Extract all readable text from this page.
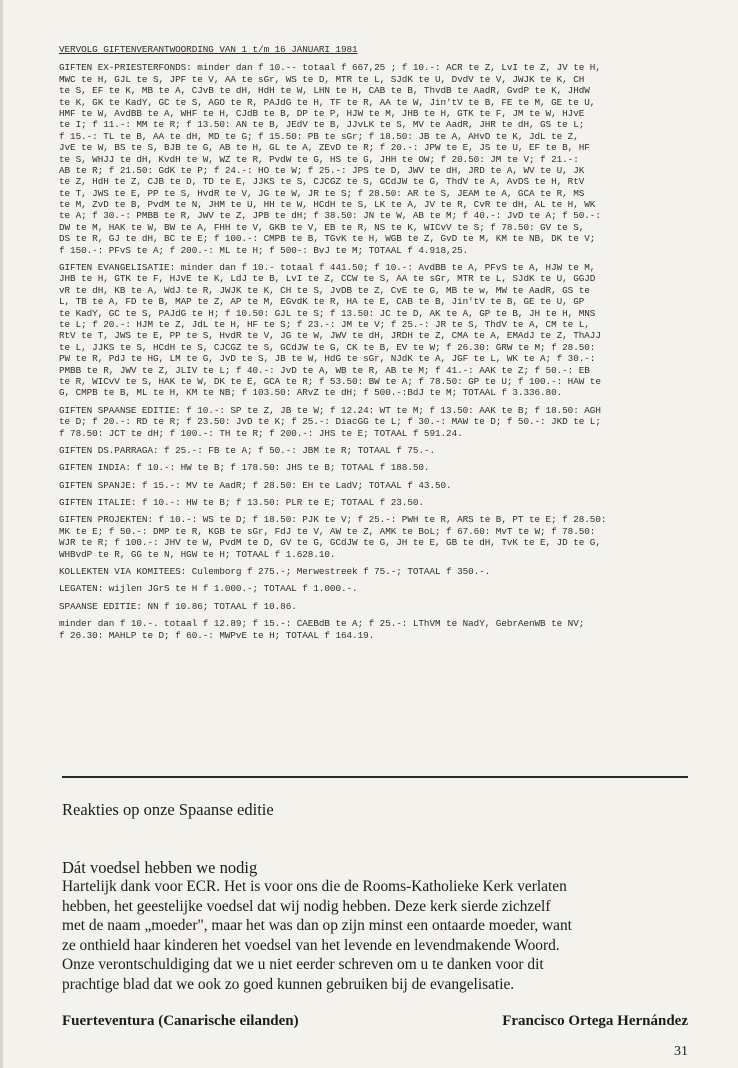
VERVOLG GIFTENVERANTWOORDING VAN 1 t/m 16 JANUARI 1981
GIFTEN EX-PRIESTERFONDS: minder dan f 10.-- totaal f 667,25 ; f 10.-: ACR te Z, LvI te Z, JV te H,
MWC te H, GJL te S, JPF te V, AA te sGr, WS te D, MTR te L, SJdK te U, DvdV te V, JWJK te K, CH
te S, EF te K, MB te A, CJvB te dH, HdH te W, LHN te H, CAB te B, ThvdB te AadR, GvdP te K, JHdW
te K, GK te KadY, GC te S, AGO te R, PAJdG te H, TF te R, AA te W, Jin'tV te B, FE te M, GE te U,
HMF te W, AvdBB te A, WHF te H, CJdB te B, DP te P, HJW te M, JHB te H, GTK te F, JM te W, HJvE
te I; f 11.-: MM te R; f 13.50: AN te B, JEdV te B, JJvLK te S, MV te AadR, JHR te dH, GS te L;
f 15.-: TL te B, AA te dH, MD te G; f 15.50: PB te sGr; f 18.50: JB te A, AHvD te K, JdL te Z,
JvE te W, BS te S, BJB te G, AB te H, GL te A, ZEvD te R; f 20.-: JPW te E, JS te U, EF te B, HF
te S, WHJJ te dH, KvdH te W, WZ te R, PvdW te G, HS te G, JHH te OW; f 20.50: JM te V; f 21.-:
AB te R; f 21.50: GdK te P; f 24.-: HO te W; f 25.-: JPS te D, JWV te dH, JRD te A, WV te U, JK
te Z, HdH te Z, CJB te D, TD te E, JJKS te S, CJCGZ te S, GCdJW te G, ThdV te A, AvDS te H, RtV
te T, JWS te E, PP te S, HvdR te V, JG te W, JR te S; f 28.50: AR te S, JEAM te A, GCA te R, MS
te M, ZvD te B, PvdM te N, JHM te U, HH te W, HCdH te S, LK te A, JV te R, CvR te dH, AL te H, WK
te A; f 30.-: PMBB te R, JWV te Z, JPB te dH; f 38.50: JN te W, AB te M; f 40.-: JvD te A; f 50.-:
DW te M, HAK te W, BW te A, FHH te V, GKB te V, EB te R, NS te K, WICvV te S; f 78.50: GV te S,
DS te R, GJ te dH, BC te E; f 100.-: CMPB te B, TGvK te H, WGB te Z, GvD te M, KM te NB, DK te V;
f 150.-: PFvS te A; f 200.-: ML te H; f 500-: BvJ te M; TOTAAL f 4.918,25.
GIFTEN EVANGELISATIE: minder dan f 10.- totaal f 441.50; f 10.-: AvdBB te A, PFvS te A, HJW te M,
JHB te H, GTK te F, HJvE te K, LdJ te B, LvI te Z, CCW te S, AA te sGr, MTR te L, SJdK te U, GGJD
vR te dH, KB te A, WdJ te R, JWJK te K, CH te S, JvDB te Z, CvE te G, MB te w, MW te AadR, GS te
L, TB te A, FD te B, MAP te Z, AP te M, EGvdK te R, HA te E, CAB te B, Jin'tV te B, GE te U, GP
te KadY, GC te S, PAJdG te H; f 10.50: GJL te S; f 13.50: JC te D, AK te A, GP te B, JH te H, MNS
te L; f 20.-: HJM te Z, JdL te H, HF te S; f 23.-: JM te V; f 25.-: JR te S, ThdV te A, CM te L,
RtV te T, JWS te E, PP te S, HvdR te V, JG te W, JWV te dH, JRDH te Z, CMA te A, EMAdJ te Z, ThAJJ
te L, JJKS te S, HCdH te S, CJCGZ te S, GCdJW te G, CK te B, EV te W; f 26.30: GRW te M; f 28.50:
PW te R, PdJ te HG, LM te G, JvD te S, JB te W, HdG te sGr, NJdK te A, JGF te L, WK te A; f 30.-:
PMBB te R, JWV te Z, JLIV te L; f 40.-: JvD te A, WB te R, AB te M; f 41.-: AAK te Z; f 50.-: EB
te R, WICvV te S, HAK te W, DK te E, GCA te R; f 53.50: BW te A; f 78.50: GP te U; f 100.-: HAW te
G, CMPB te B, ML te H, KM te NB; f 103.50: ARvZ te dH; f 500.-:BdJ te M; TOTAAL f 3.336.80.
GIFTEN SPAANSE EDITIE: f 10.-: SP te Z, JB te W; f 12.24: WT te M; f 13.50: AAK te B; f 18.50: AGH
te D; f 20.-: RD te R; f 23.50: JvD te K; f 25.-: DiacGG te L; f 30.-: MAW te D; f 50.-: JKD te L;
f 78.50: JCT te dH; f 100.-: TH te R; f 200.-: JHS te E; TOTAAL f 591.24.
GIFTEN DS.PARRAGA: f 25.-: FB te A; f 50.-: JBM te R; TOTAAL f 75.-.
GIFTEN INDIA: f 10.-: HW te B; f 178.50: JHS te B; TOTAAL f 188.50.
GIFTEN SPANJE: f 15.-: MV te AadR; f 28.50: EH te LadV; TOTAAL f 43.50.
GIFTEN ITALIE: f 10.-: HW te B; f 13.50: PLR te E; TOTAAL f 23.50.
GIFTEN PROJEKTEN: f 10.-: WS te D; f 18.50: PJK te V; f 25.-: PWH te R, ARS te B, PT te E; f 28.50:
MK te E; f 50.-: DMP te R, KGB te sGr, FdJ te V, AW te Z, AMK te BoL; f 67.60: MvT te W; f 78.50:
WJR te R; f 100.-: JHV te W, PvdM te D, GV te G, GCdJW te G, JH te E, GB te dH, TvK te E, JD te G,
WHBvdP te R, GG te N, HGW te H; TOTAAL f 1.628.10.
KOLLEKTEN VIA KOMITEES: Culemborg f 275.-; Merwestreek f 75.-; TOTAAL f 350.-.
LEGATEN: wijlen JGrS te H f 1.000.-; TOTAAL f 1.000.-.
SPAANSE EDITIE: NN f 10.86; TOTAAL f 10.86.
minder dan f 10.-. totaal f 12.89; f 15.-: CAEBdB te A; f 25.-: LThVM te NadY, GebrAenWB te NV;
f 26.30: MAHLP te D; f 60.-: MWPvE te H; TOTAAL f 164.19.
Reakties op onze Spaanse editie
Dát voedsel hebben we nodig
Hartelijk dank voor ECR. Het is voor ons die de Rooms-Katholieke Kerk verlaten
hebben, het geestelijke voedsel dat wij nodig hebben. Deze kerk sierde zichzelf
met de naam „moeder", maar het was dan op zijn minst een ontaarde moeder, want
ze onthield haar kinderen het voedsel van het levende en levendmakende Woord.
Onze verontschuldiging dat we u niet eerder schreven om u te danken voor dit
prachtige blad dat we ook zo goed kunnen gebruiken bij de evangelisatie.
Fuerteventura (Canarische eilanden)	Francisco Ortega Hernández
31
